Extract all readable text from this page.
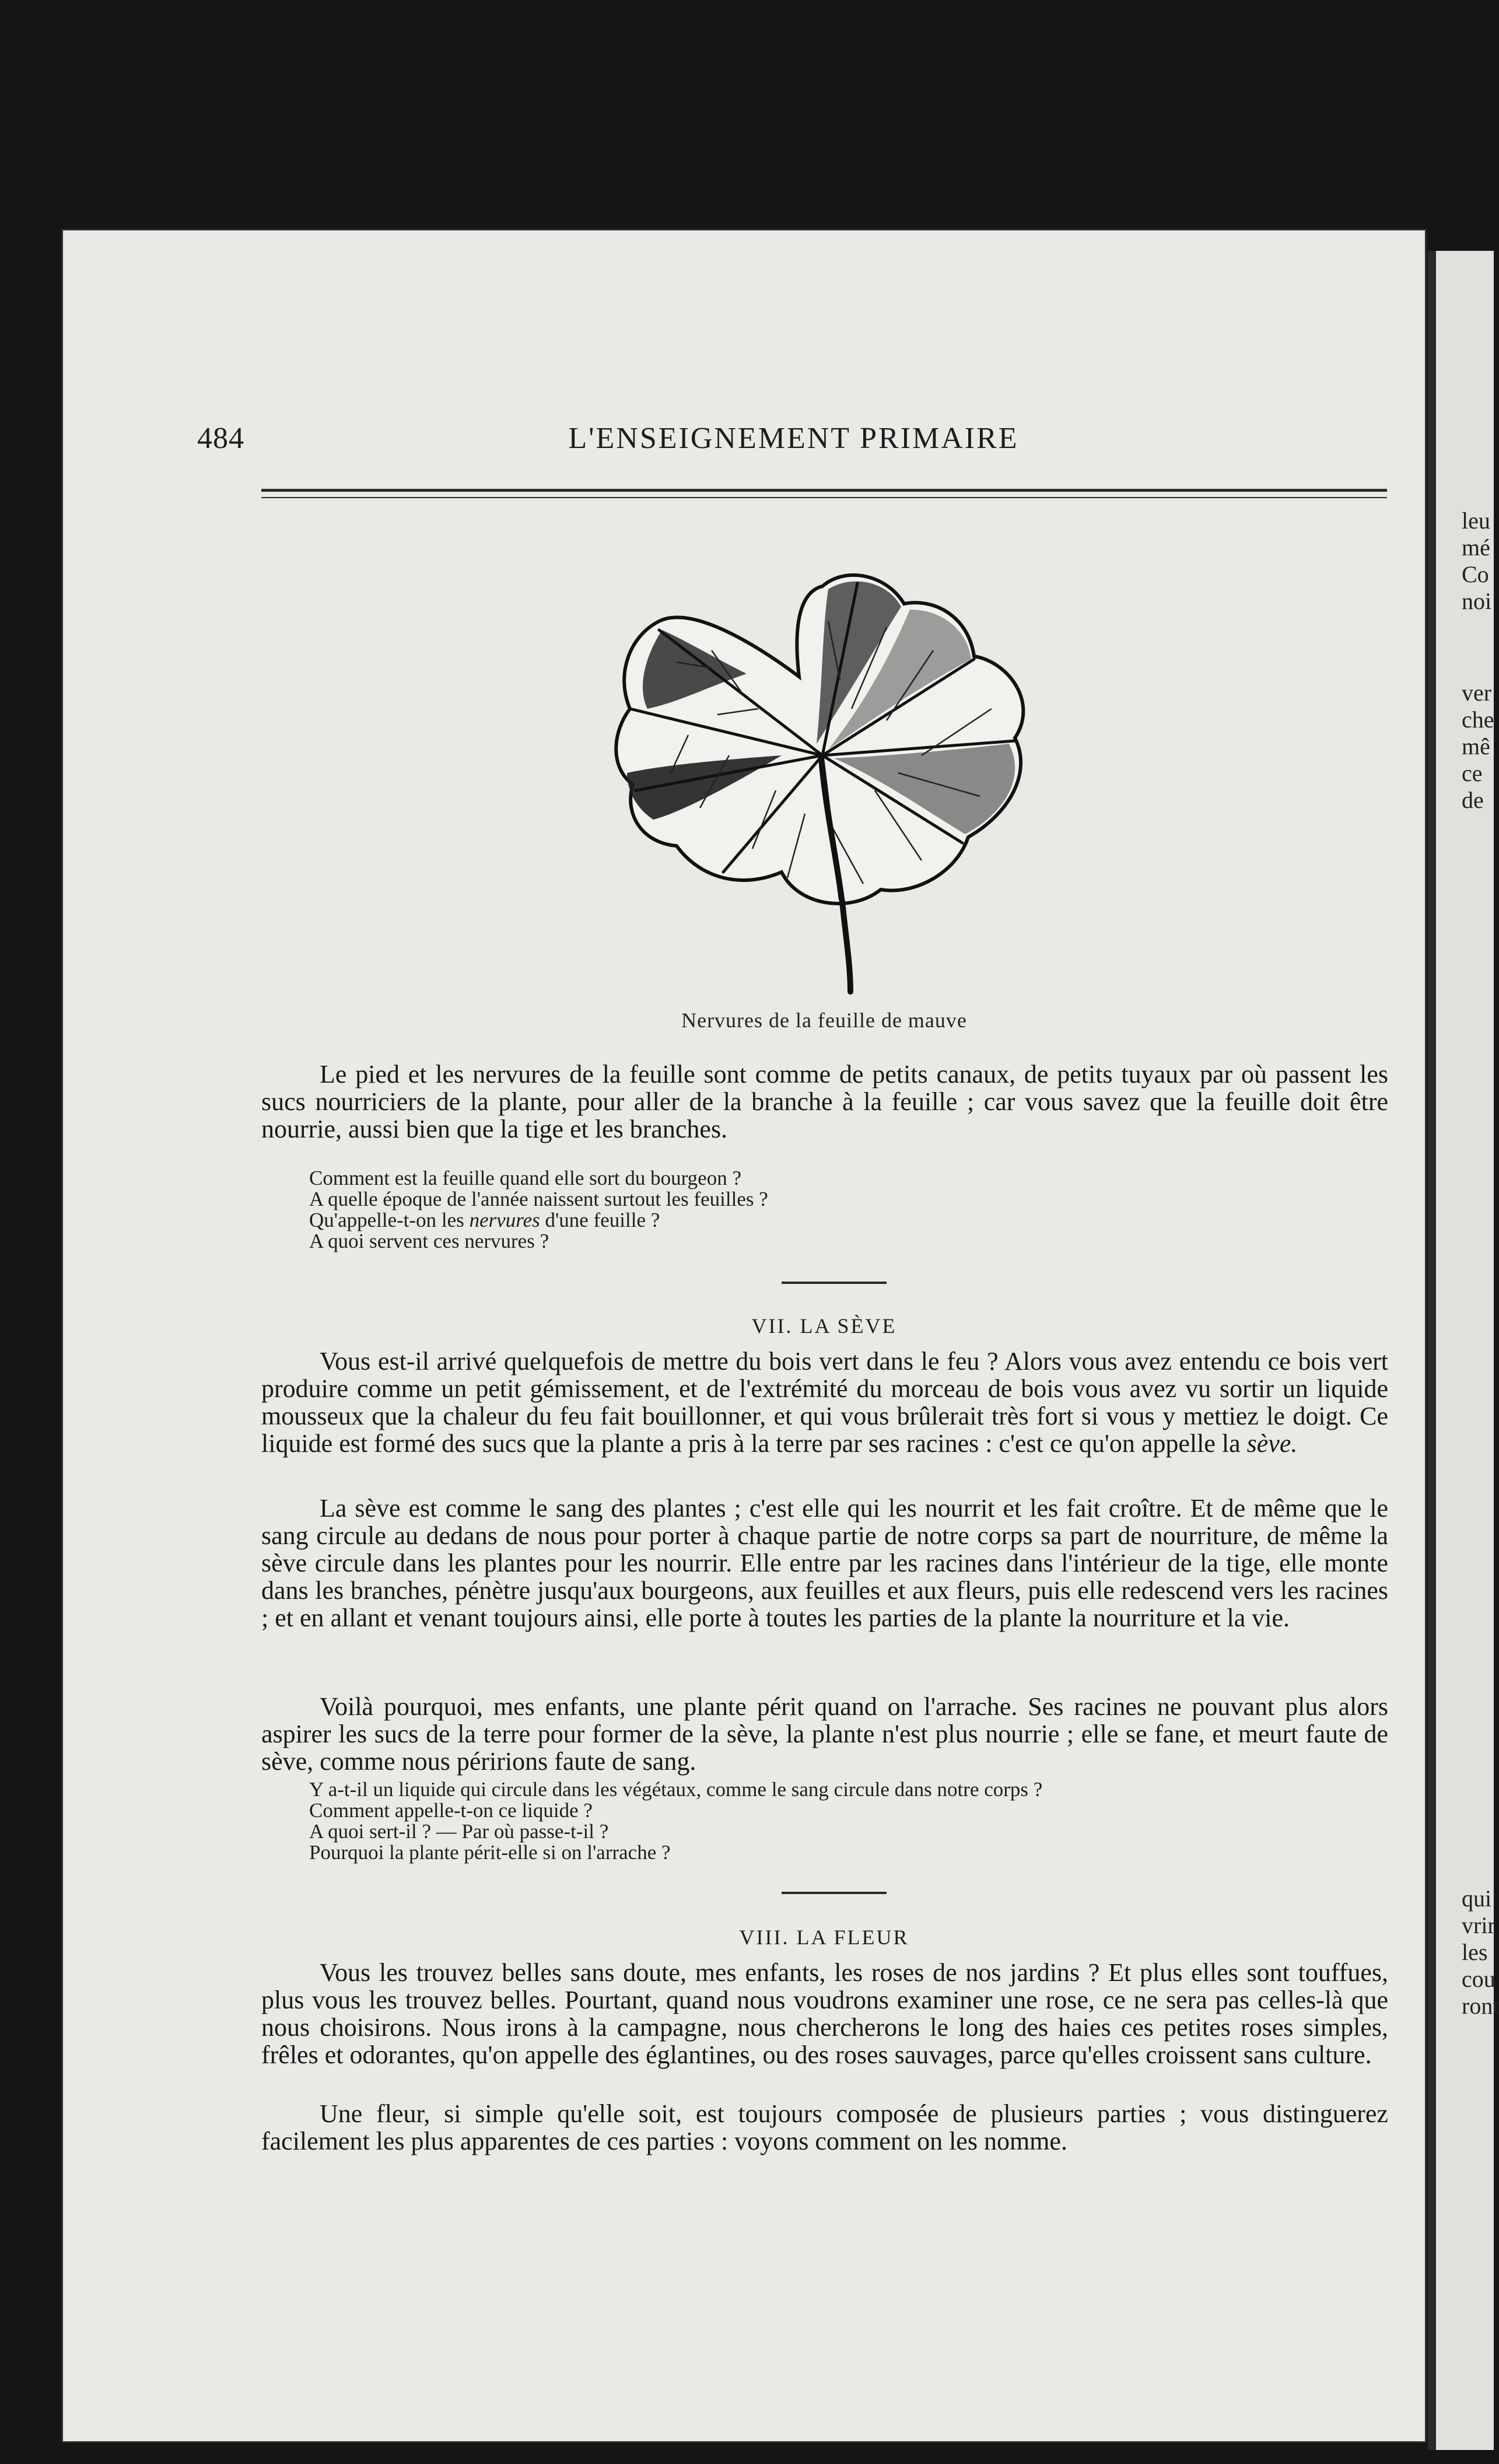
leu
mé
Co
noi
ver
che
mê
ce
de
qui
vrir
les
cou
ront
484	L'ENSEIGNEMENT PRIMAIRE
Nervures de la feuille de mauve

Le pied et les nervures de la feuille sont comme de petits canaux, de petits tuyaux par où passent les sucs nourriciers de la plante, pour aller de la branche à la feuille ; car vous savez que la feuille doit être nourrie, aussi bien que la tige et les branches.

Comment est la feuille quand elle sort du bourgeon ?
A quelle époque de l'année naissent surtout les feuilles ?
Qu'appelle-t-on les nervures d'une feuille ?
A quoi servent ces nervures ?
VII. LA SÈVE

Vous est-il arrivé quelquefois de mettre du bois vert dans le feu ? Alors vous avez entendu ce bois vert produire comme un petit gémissement, et de l'extrémité du morceau de bois vous avez vu sortir un liquide mousseux que la chaleur du feu fait bouillonner, et qui vous brûlerait très fort si vous y mettiez le doigt. Ce liquide est formé des sucs que la plante a pris à la terre par ses racines : c'est ce qu'on appelle la sève.

La sève est comme le sang des plantes ; c'est elle qui les nourrit et les fait croître. Et de même que le sang circule au dedans de nous pour porter à chaque partie de notre corps sa part de nourriture, de même la sève circule dans les plantes pour les nourrir. Elle entre par les racines dans l'intérieur de la tige, elle monte dans les branches, pénètre jusqu'aux bourgeons, aux feuilles et aux fleurs, puis elle redescend vers les racines ; et en allant et venant toujours ainsi, elle porte à toutes les parties de la plante la nourriture et la vie.

Voilà pourquoi, mes enfants, une plante périt quand on l'arrache. Ses racines ne pouvant plus alors aspirer les sucs de la terre pour former de la sève, la plante n'est plus nourrie ; elle se fane, et meurt faute de sève, comme nous péririons faute de sang.

Y a-t-il un liquide qui circule dans les végétaux, comme le sang circule dans notre corps ?
Comment appelle-t-on ce liquide ?
A quoi sert-il ? — Par où passe-t-il ?
Pourquoi la plante périt-elle si on l'arrache ?
VIII. LA FLEUR

Vous les trouvez belles sans doute, mes enfants, les roses de nos jardins ? Et plus elles sont touffues, plus vous les trouvez belles. Pourtant, quand nous voudrons examiner une rose, ce ne sera pas celles-là que nous choisirons. Nous irons à la campagne, nous chercherons le long des haies ces petites roses simples, frêles et odorantes, qu'on appelle des églantines, ou des roses sauvages, parce qu'elles croissent sans culture.

Une fleur, si simple qu'elle soit, est toujours composée de plusieurs parties ; vous distinguerez facilement les plus apparentes de ces parties : voyons comment on les nomme.
